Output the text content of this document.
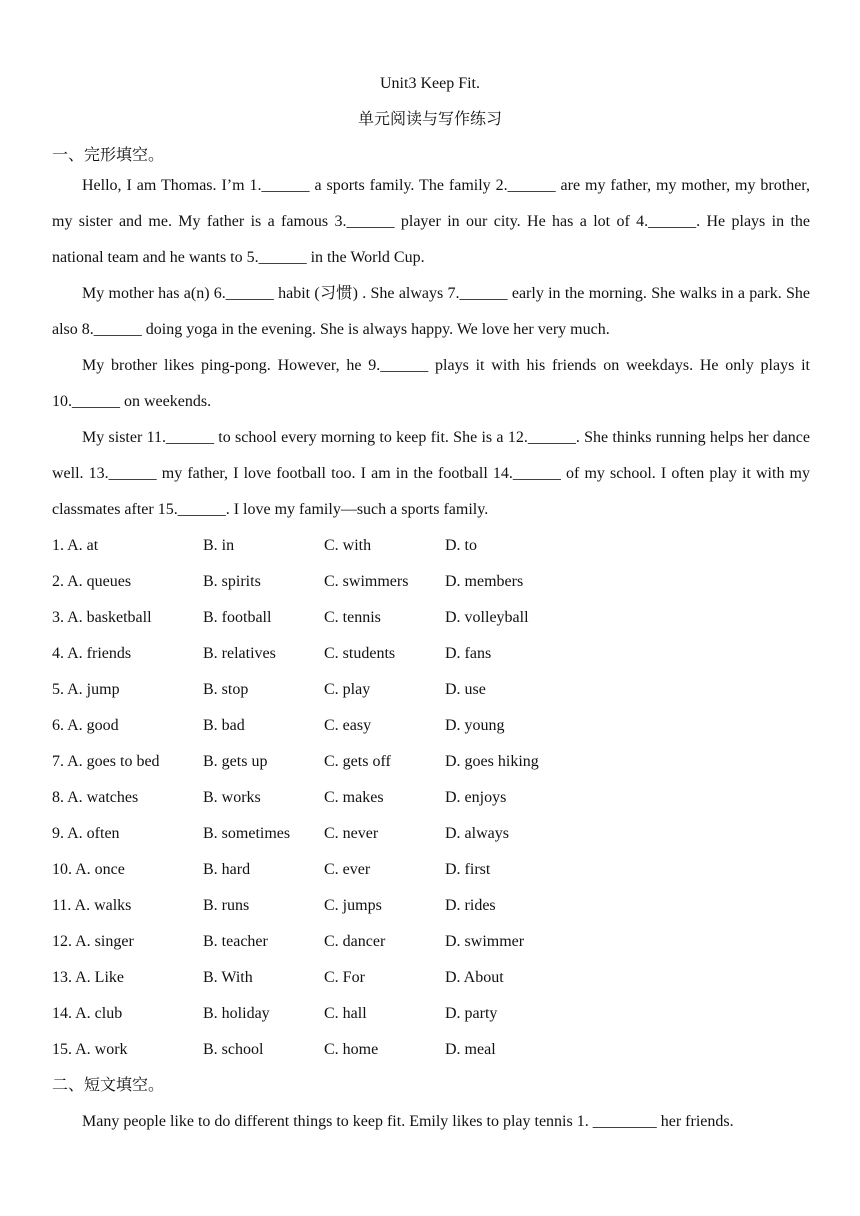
Unit3 Keep Fit.
单元阅读与写作练习
一、完形填空。

Hello, I am Thomas. I’m 1.______ a sports family. The family 2.______ are my father, my mother, my brother, my sister and me. My father is a famous 3.______ player in our city. He has a lot of 4.______. He plays in the national team and he wants to 5.______ in the World Cup.

My mother has a(n) 6.______ habit (习惯) . She always 7.______ early in the morning. She walks in a park. She also 8.______ doing yoga in the evening. She is always happy. We love her very much.

My brother likes ping-pong. However, he 9.______ plays it with his friends on weekdays. He only plays it 10.______ on weekends.

My sister 11.______ to school every morning to keep fit. She is a 12.______. She thinks running helps her dance well. 13.______ my father, I love football too. I am in the football 14.______ of my school. I often play it with my classmates after 15.______. I love my family—such a sports family.

1. A. at	B. in	C. with	D. to
2. A. queues	B. spirits	C. swimmers	D. members
3. A. basketball	B. football	C. tennis	D. volleyball
4. A. friends	B. relatives	C. students	D. fans
5. A. jump	B. stop	C. play	D. use
6. A. good	B. bad	C. easy	D. young
7. A. goes to bed	B. gets up	C. gets off	D. goes hiking
8. A. watches	B. works	C. makes	D. enjoys
9. A. often	B. sometimes	C. never	D. always
10. A. once	B. hard	C. ever	D. first
11. A. walks	B. runs	C. jumps	D. rides
12. A. singer	B. teacher	C. dancer	D. swimmer
13. A. Like	B. With	C. For	D. About
14. A. club	B. holiday	C. hall	D. party
15. A. work	B. school	C. home	D. meal
二、短文填空。

Many people like to do different things to keep fit. Emily likes to play tennis 1. ________ her friends.
